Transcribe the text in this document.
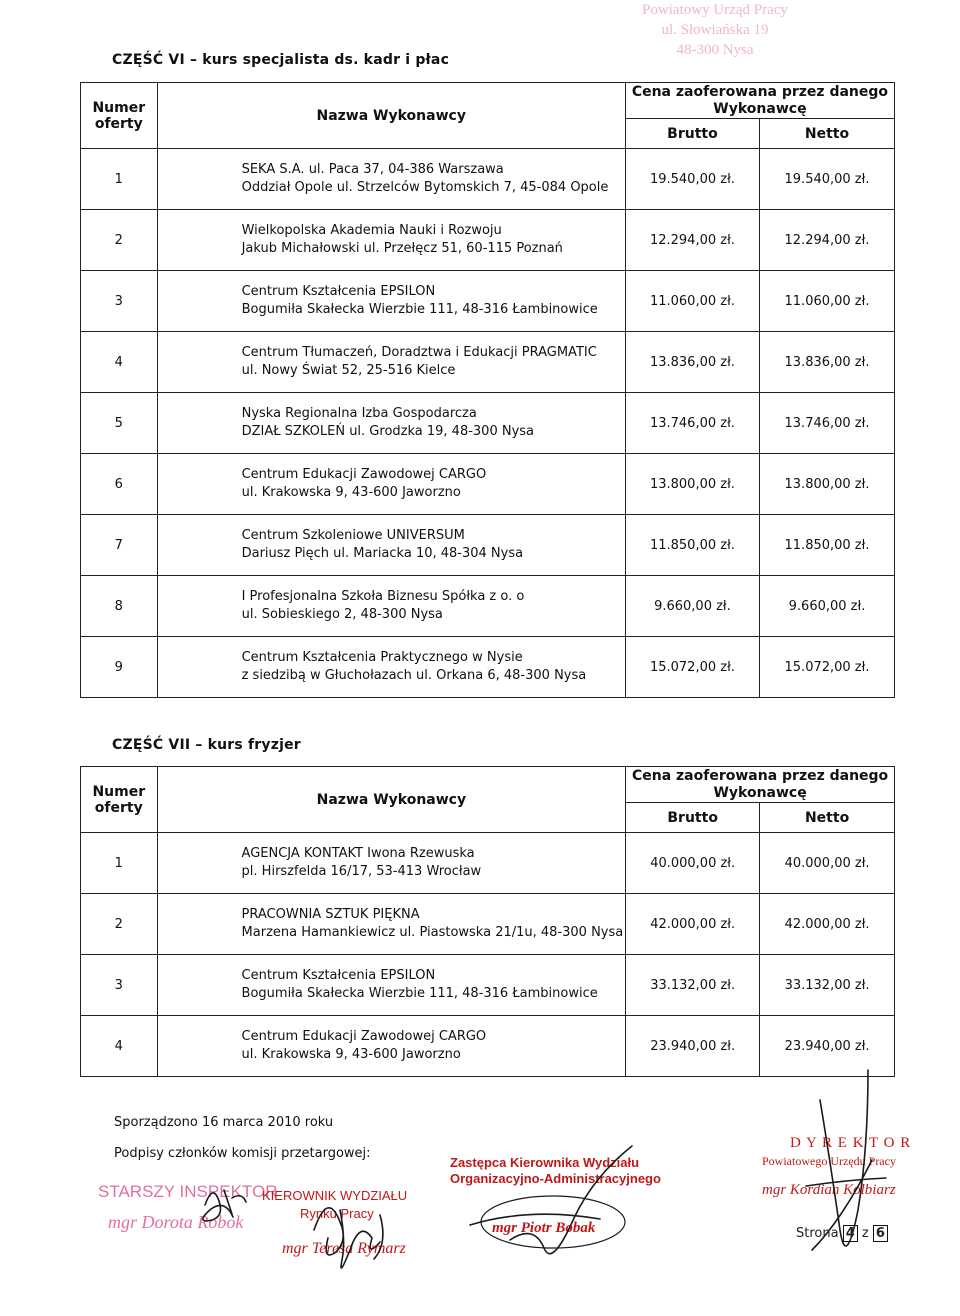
Powiatowy Urząd Pracy
ul. Słowiańska 19
48-300 Nysa
CZĘŚĆ VI – kurs specjalista ds. kadr i płac
Numer oferty	Nazwa Wykonawcy	Cena zaoferowana przez danego Wykonawcę	
		Brutto	Netto
1	SEKA S.A. ul. Paca 37, 04-386 Warszawa
Oddział Opole ul. Strzelców Bytomskich 7, 45-084 Opole	19.540,00 zł.	19.540,00 zł.
2	Wielkopolska Akademia Nauki i Rozwoju
Jakub Michałowski ul. Przełęcz 51, 60-115 Poznań	12.294,00 zł.	12.294,00 zł.
3	Centrum Kształcenia EPSILON
Bogumiła Skałecka Wierzbie 111, 48-316 Łambinowice	11.060,00 zł.	11.060,00 zł.
4	Centrum Tłumaczeń, Doradztwa i Edukacji PRAGMATIC
ul. Nowy Świat 52, 25-516 Kielce	13.836,00 zł.	13.836,00 zł.
5	Nyska Regionalna Izba Gospodarcza
DZIAŁ SZKOLEŃ ul. Grodzka 19, 48-300 Nysa	13.746,00 zł.	13.746,00 zł.
6	Centrum Edukacji Zawodowej CARGO
ul. Krakowska 9, 43-600 Jaworzno	13.800,00 zł.	13.800,00 zł.
7	Centrum Szkoleniowe UNIVERSUM
Dariusz Pięch ul. Mariacka 10, 48-304 Nysa	11.850,00 zł.	11.850,00 zł.
8	I Profesjonalna Szkoła Biznesu Spółka z o. o
ul. Sobieskiego 2, 48-300 Nysa	9.660,00 zł.	9.660,00 zł.
9	Centrum Kształcenia Praktycznego w Nysie
z siedzibą w Głuchołazach ul. Orkana 6, 48-300 Nysa	15.072,00 zł.	15.072,00 zł.
CZĘŚĆ VII – kurs fryzjer
Numer oferty	Nazwa Wykonawcy	Cena zaoferowana przez danego Wykonawcę	
		Brutto	Netto
1	AGENCJA KONTAKT Iwona Rzewuska
pl. Hirszfelda 16/17, 53-413 Wrocław	40.000,00 zł.	40.000,00 zł.
2	PRACOWNIA SZTUK PIĘKNA
Marzena Hamankiewicz ul. Piastowska 21/1u, 48-300 Nysa	42.000,00 zł.	42.000,00 zł.
3	Centrum Kształcenia EPSILON
Bogumiła Skałecka Wierzbie 111, 48-316 Łambinowice	33.132,00 zł.	33.132,00 zł.
4	Centrum Edukacji Zawodowej CARGO
ul. Krakowska 9, 43-600 Jaworzno	23.940,00 zł.	23.940,00 zł.
Sporządzono 16 marca 2010 roku
Podpisy członków komisji przetargowej:
STARSZY INSPEKTOR
mgr Dorota Robok
KIEROWNIK WYDZIAŁU
Rynku Pracy
mgr Teresa Rymarz
Zastępca Kierownika Wydziału
Organizacyjno-Administracyjnego
mgr Piotr Bobak
D Y R E K T O R
Powiatowego Urzędu Pracy
mgr Kordian Kolbiarz
Strona 4 z 6
